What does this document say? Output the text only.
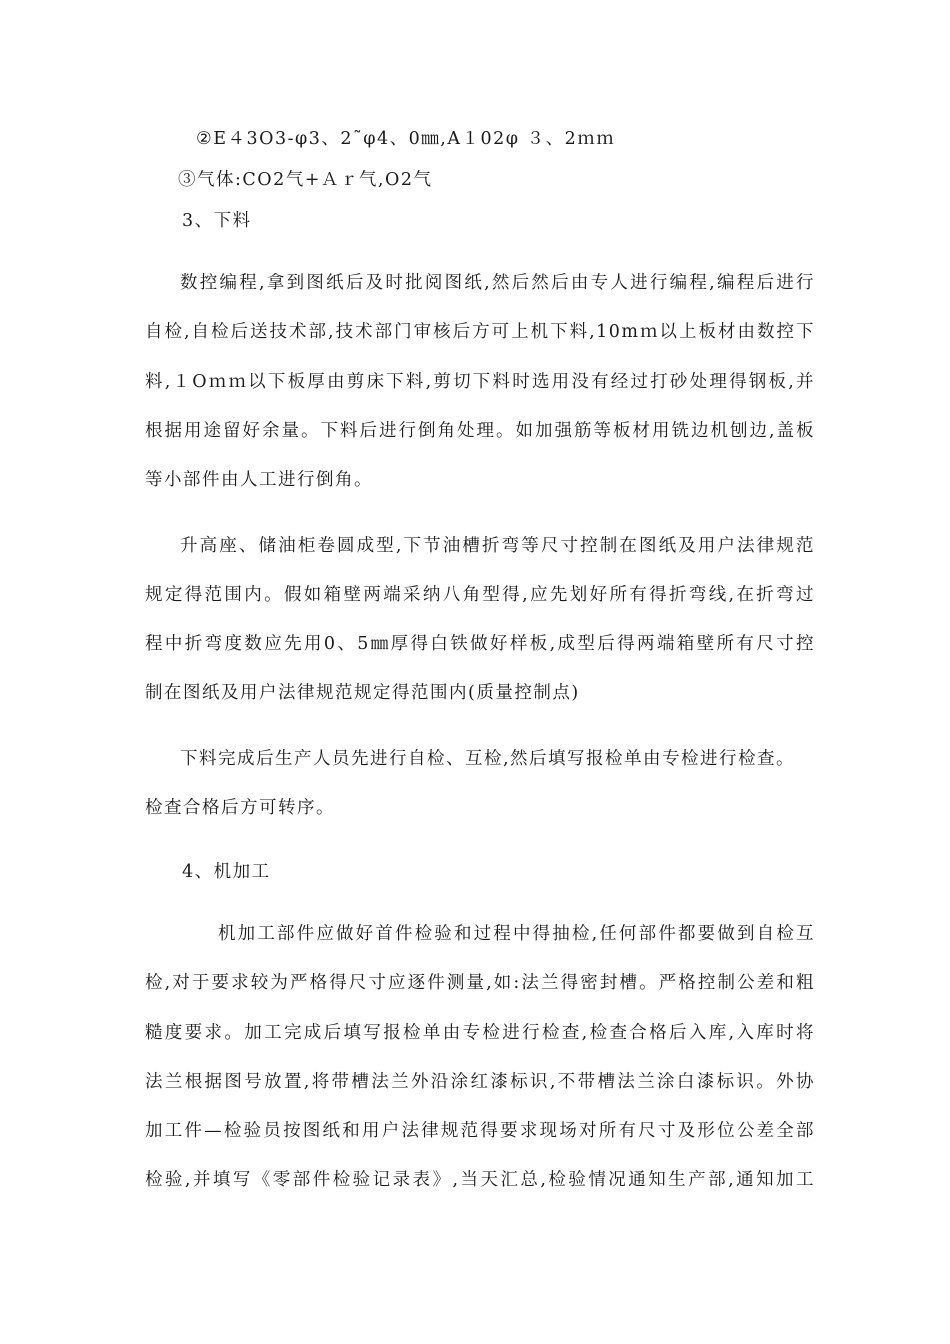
②E４3O3-φ3、2˜φ4、0㎜,A１02φ ３、2ｍｍ
③气体:CO2气+Ａｒ气,O2气
3、下料
数控编程,拿到图纸后及时批阅图纸,然后然后由专人进行编程,编程后进行
自检,自检后送技术部,技术部门审核后方可上机下料,10mｍ以上板材由数控下
料,１Oｍｍ以下板厚由剪床下料,剪切下料时选用没有经过打砂处理得钢板,并
根据用途留好余量。下料后进行倒角处理。如加强筋等板材用铣边机刨边,盖板
等小部件由人工进行倒角。
升高座、储油柜卷圆成型,下节油槽折弯等尺寸控制在图纸及用户法律规范
规定得范围内。假如箱壁两端采纳八角型得,应先划好所有得折弯线,在折弯过
程中折弯度数应先用0、5㎜厚得白铁做好样板,成型后得两端箱壁所有尺寸控
制在图纸及用户法律规范规定得范围内(质量控制点)
下料完成后生产人员先进行自检、互检,然后填写报检单由专检进行检查。
检查合格后方可转序。
4、机加工
机加工部件应做好首件检验和过程中得抽检,任何部件都要做到自检互
检,对于要求较为严格得尺寸应逐件测量,如:法兰得密封槽。严格控制公差和粗
糙度要求。加工完成后填写报检单由专检进行检查,检查合格后入库,入库时将
法兰根据图号放置,将带槽法兰外沿涂红漆标识,不带槽法兰涂白漆标识。外协
加工件—检验员按图纸和用户法律规范得要求现场对所有尺寸及形位公差全部
检验,并填写《零部件检验记录表》,当天汇总,检验情况通知生产部,通知加工
